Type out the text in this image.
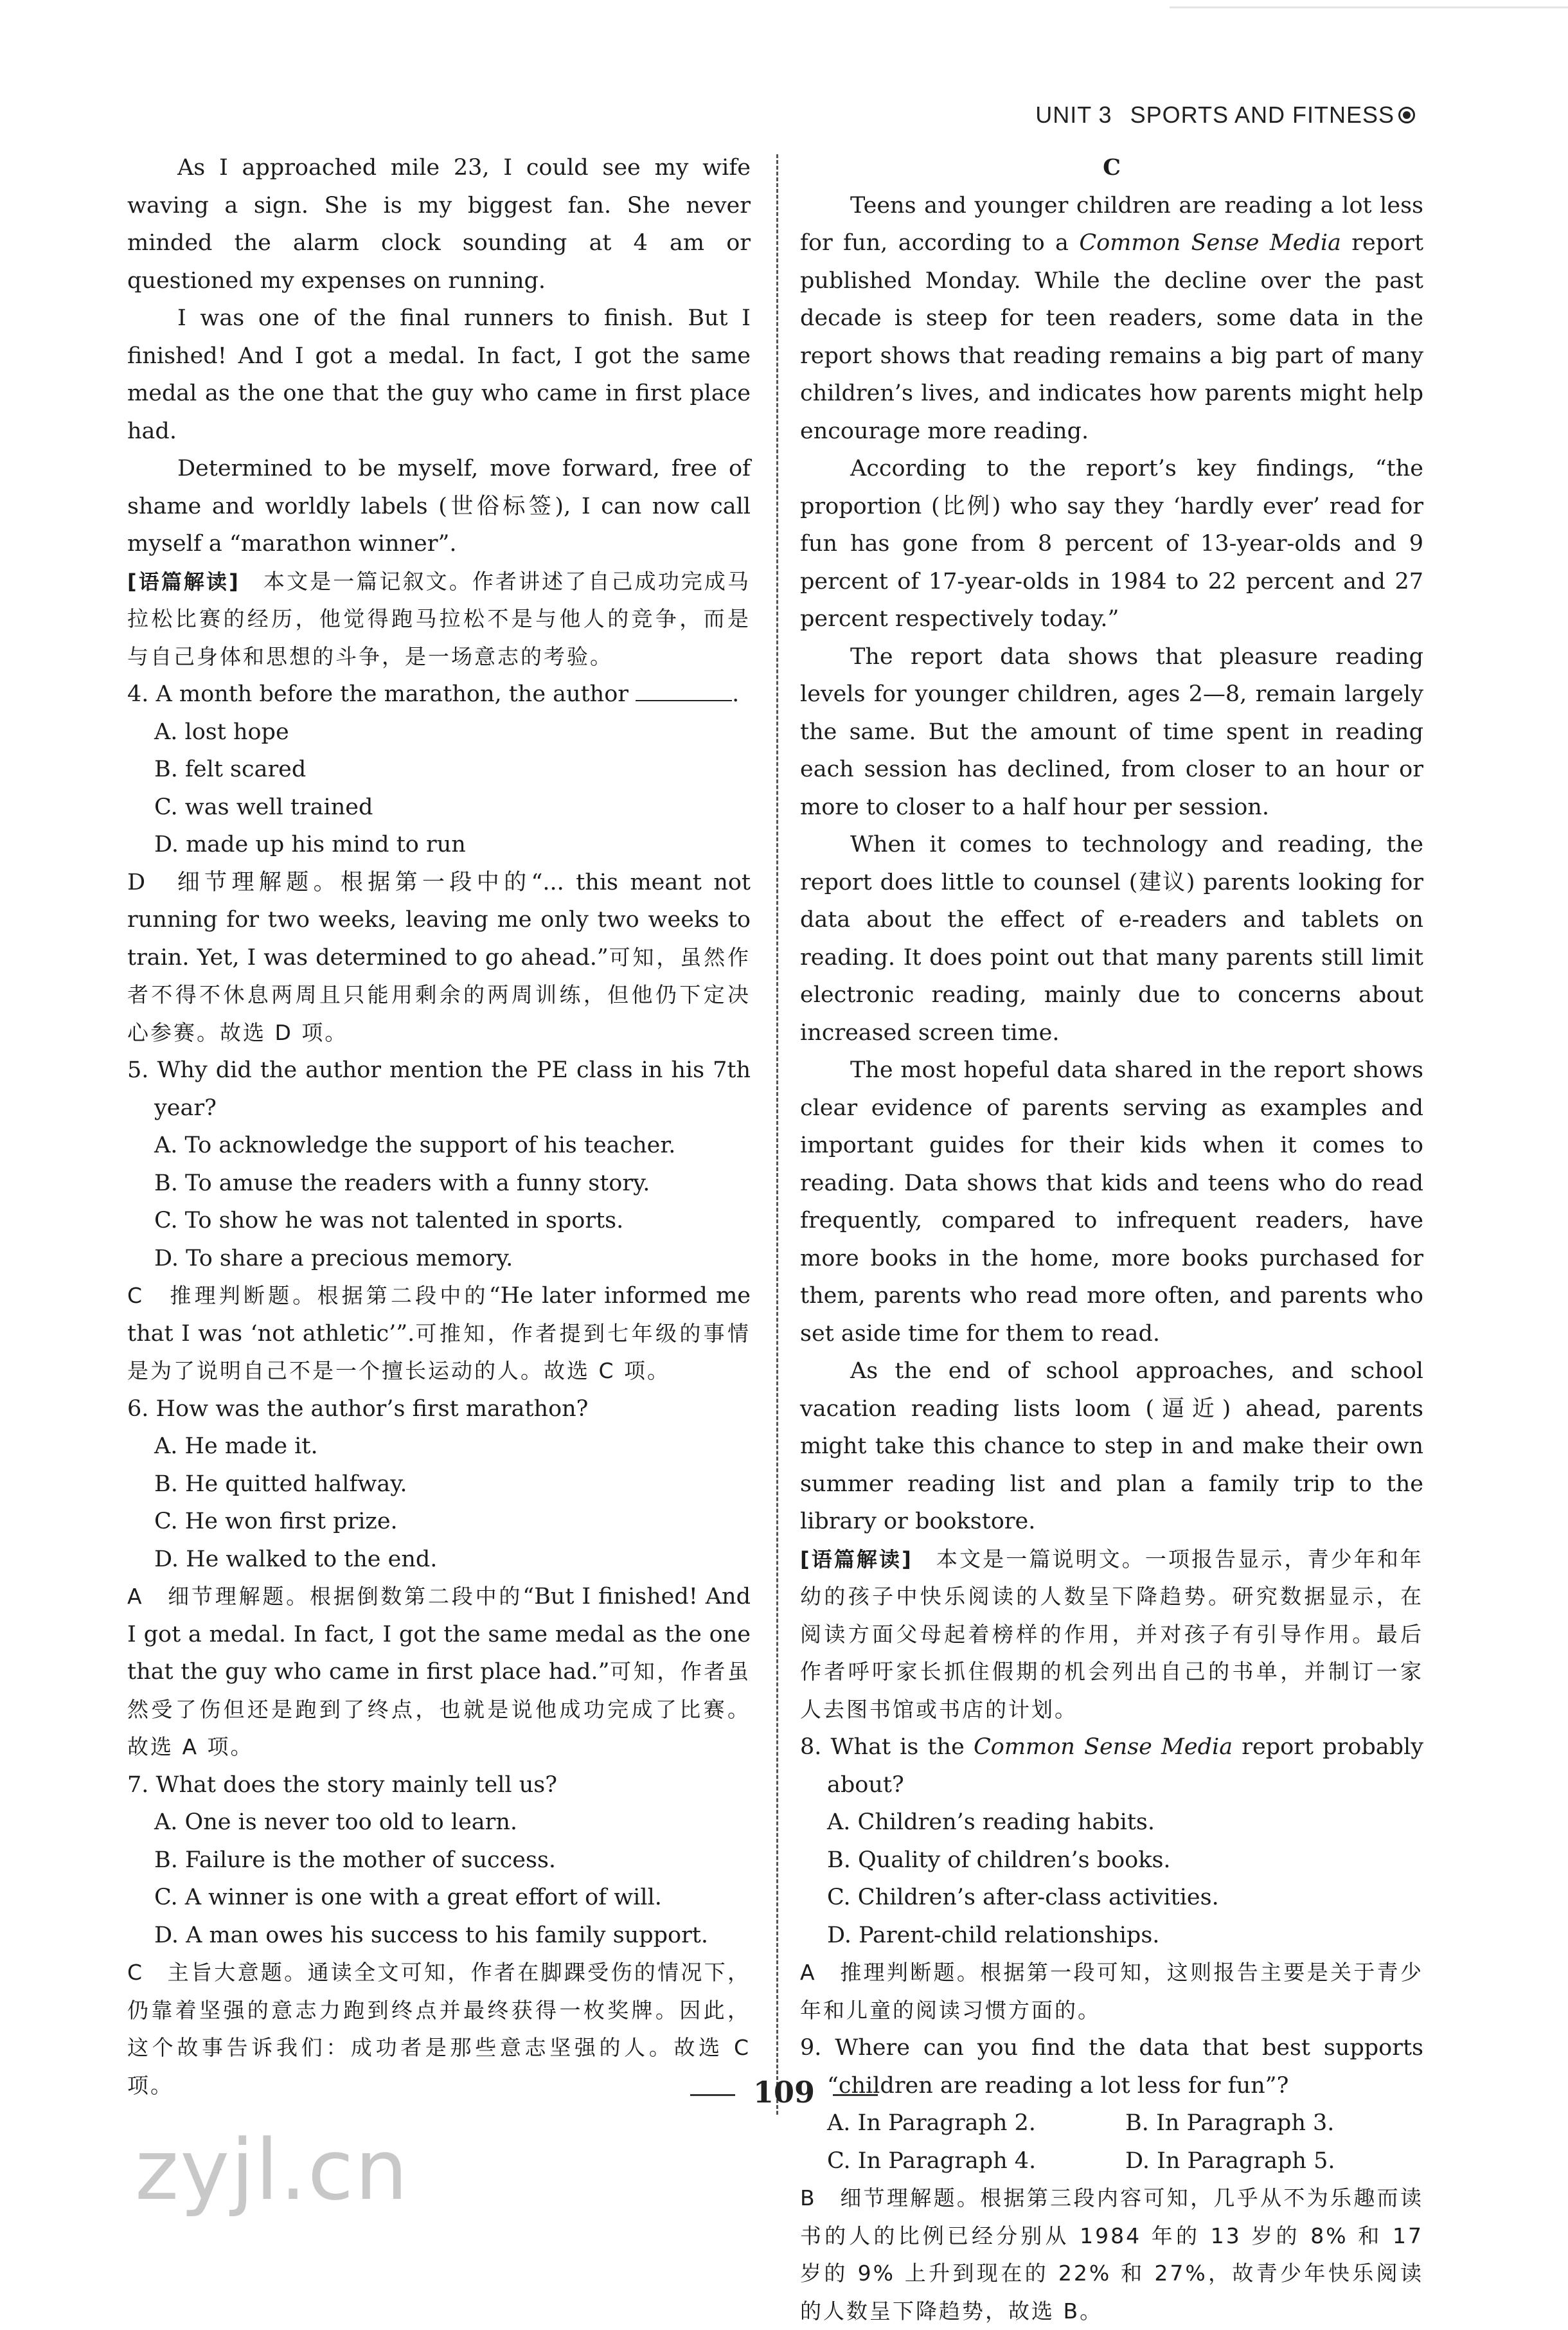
UNIT 3 SPORTS AND FITNESS

As I approached mile 23, I could see my wife waving a sign. She is my biggest fan. She never minded the alarm clock sounding at 4 am or questioned my expenses on running.

I was one of the final runners to finish. But I finished! And I got a medal. In fact, I got the same medal as the one that the guy who came in first place had.

Determined to be myself, move forward, free of shame and worldly labels (世俗标签), I can now call myself a “marathon winner”.

[语篇解读]　 本文是一篇记叙文。作者讲述了自己成功完成马拉松比赛的经历，他觉得跑马拉松不是与他人的竞争，而是与自己身体和思想的斗争，是一场意志的考验。

4. A month before the marathon, the author	.

A. lost hope

B. felt scared

C. was well trained

D. made up his mind to run

D　细节理解题。根据第一段中的“... this meant not running for two weeks, leaving me only two weeks to train. Yet, I was determined to go ahead.”可知，虽然作者不得不休息两周且只能用剩余的两周训练，但他仍下定决心参赛。故选 D 项。

5. Why did the author mention the PE class in his 7th year?

A. To acknowledge the support of his teacher.

B. To amuse the readers with a funny story.

C. To show he was not talented in sports.

D. To share a precious memory.

C　推理判断题。根据第二段中的“He later informed me that I was ‘not athletic’”.可推知，作者提到七年级的事情是为了说明自己不是一个擅长运动的人。故选 C 项。

6. How was the author’s first marathon?

A. He made it.

B. He quitted halfway.

C. He won first prize.

D. He walked to the end.

A　细节理解题。根据倒数第二段中的“But I finished! And I got a medal. In fact, I got the same medal as the one that the guy who came in first place had.”可知，作者虽然受了伤但还是跑到了终点，也就是说他成功完成了比赛。故选 A 项。

7. What does the story mainly tell us?

A. One is never too old to learn.

B. Failure is the mother of success.

C. A winner is one with a great effort of will.

D. A man owes his success to his family support.

C　主旨大意题。通读全文可知，作者在脚踝受伤的情况下，仍靠着坚强的意志力跑到终点并最终获得一枚奖牌。因此，这个故事告诉我们：成功者是那些意志坚强的人。故选 C 项。

C

Teens and younger children are reading a lot less for fun, according to a Common Sense Media report published Monday. While the decline over the past decade is steep for teen readers, some data in the report shows that reading remains a big part of many children’s lives, and indicates how parents might help encourage more reading.

According to the report’s key findings, “the proportion (比例) who say they ‘hardly ever’ read for fun has gone from 8 percent of 13-year-olds and 9 percent of 17-year-olds in 1984 to 22 percent and 27 percent respectively today.”

The report data shows that pleasure reading levels for younger children, ages 2—8, remain largely the same. But the amount of time spent in reading each session has declined, from closer to an hour or more to closer to a half hour per session.

When it comes to technology and reading, the report does little to counsel (建议) parents looking for data about the effect of e-readers and tablets on reading. It does point out that many parents still limit electronic reading, mainly due to concerns about increased screen time.

The most hopeful data shared in the report shows clear evidence of parents serving as examples and important guides for their kids when it comes to reading. Data shows that kids and teens who do read frequently, compared to infrequent readers, have more books in the home, more books purchased for them, parents who read more often, and parents who set aside time for them to read.

As the end of school approaches, and school vacation reading lists loom (逼近) ahead, parents might take this chance to step in and make their own summer reading list and plan a family trip to the library or bookstore.

[语篇解读]　 本文是一篇说明文。一项报告显示，青少年和年幼的孩子中快乐阅读的人数呈下降趋势。研究数据显示，在阅读方面父母起着榜样的作用，并对孩子有引导作用。最后作者呼吁家长抓住假期的机会列出自己的书单，并制订一家人去图书馆或书店的计划。

8. What is the Common Sense Media report probably about?

A. Children’s reading habits.

B. Quality of children’s books.

C. Children’s after-class activities.

D. Parent-child relationships.

A　推理判断题。根据第一段可知，这则报告主要是关于青少年和儿童的阅读习惯方面的。

9. Where can you find the data that best supports “children are reading a lot less for fun”?

A. In Paragraph 2.	B. In Paragraph 3.
C. In Paragraph 4.	D. In Paragraph 5.

B　细节理解题。根据第三段内容可知，几乎从不为乐趣而读书的人的比例已经分别从 1984 年的 13 岁的 8% 和 17 岁的 9% 上升到现在的 22% 和 27%，故青少年快乐阅读的人数呈下降趋势，故选 B。

109
zyjl.cn
